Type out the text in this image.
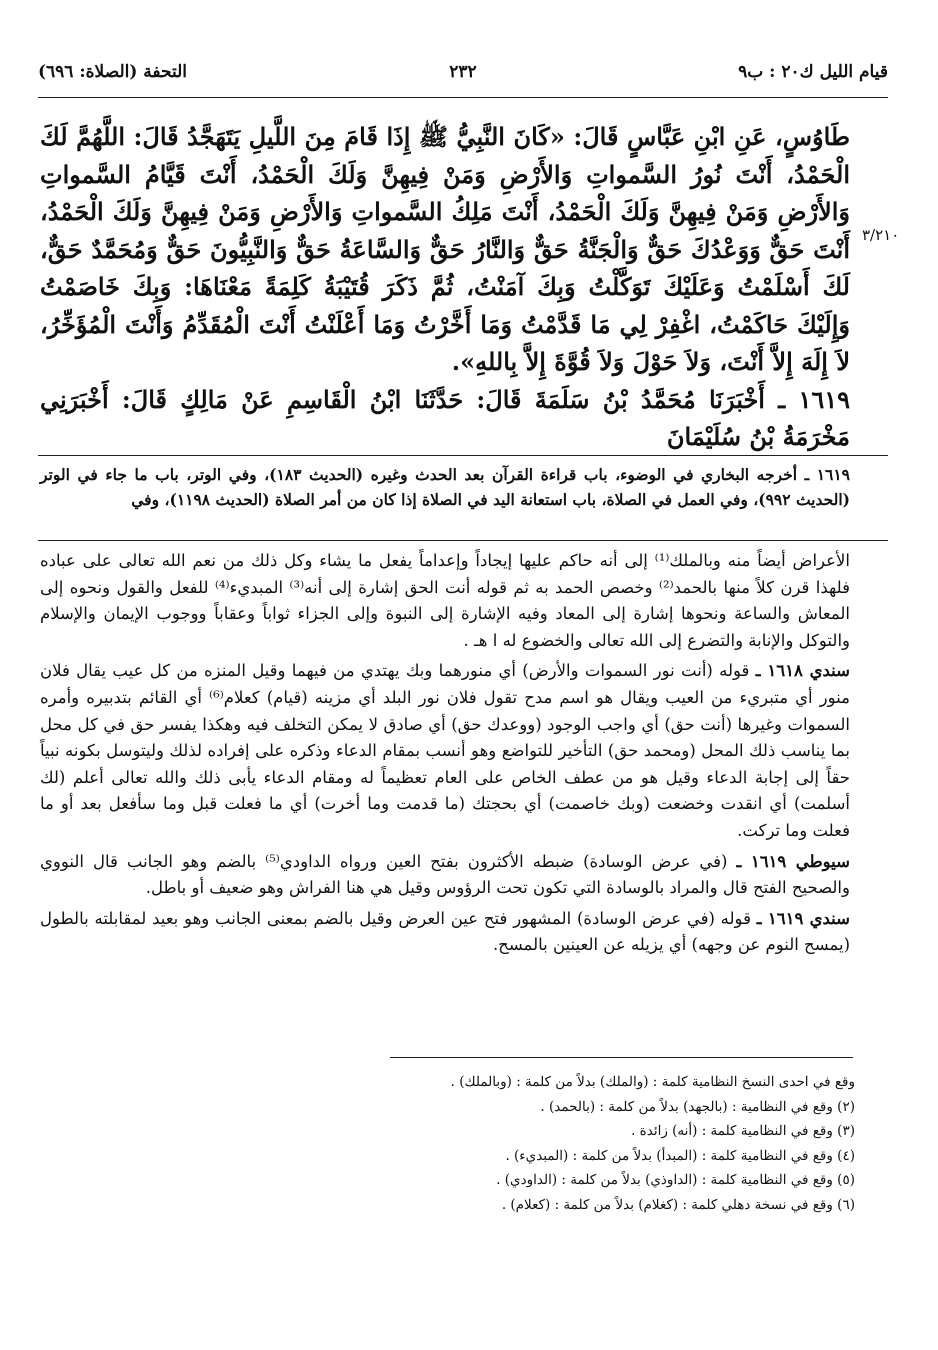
قيام الليل ك٢٠ : ب٩
٢٣٢
التحفة (الصلاة: ٦٩٦)
٣/٢١٠
طَاوُسٍ، عَنِ ابْنِ عَبَّاسٍ قَالَ: «كَانَ النَّبِيُّ ﷺ إِذَا قَامَ مِنَ اللَّيلِ يَتَهَجَّدُ قَالَ: اللَّهُمَّ لَكَ الْحَمْدُ، أَنْتَ نُورُ السَّمواتِ وَالأَرْضِ وَمَنْ فِيهِنَّ وَلَكَ الْحَمْدُ، أَنْتَ قَيَّامُ السَّمواتِ وَالأَرْضِ وَمَنْ فِيهِنَّ وَلَكَ الْحَمْدُ، أَنْتَ مَلِكُ السَّمواتِ وَالأَرْضِ وَمَنْ فِيهِنَّ وَلَكَ الْحَمْدُ، أَنْتَ حَقٌّ وَوَعْدُكَ حَقٌّ وَالْجَنَّةُ حَقٌّ وَالنَّارُ حَقٌّ وَالسَّاعَةُ حَقٌّ وَالنَّبِيُّونَ حَقٌّ وَمُحَمَّدٌ حَقٌّ، لَكَ أَسْلَمْتُ وَعَلَيْكَ تَوَكَّلْتُ وَبِكَ آمَنْتُ، ثُمَّ ذَكَرَ قُتَيْبَةُ كَلِمَةً مَعْنَاهَا: وَبِكَ خَاصَمْتُ وَإِلَيْكَ حَاكَمْتُ، اغْفِرْ لِي مَا قَدَّمْتُ وَمَا أَخَّرْتُ وَمَا أَعْلَنْتُ أَنْتَ الْمُقَدِّمُ وَأَنْتَ الْمُؤَخِّرُ، لاَ إِلَهَ إِلاَّ أَنْتَ، وَلاَ حَوْلَ وَلاَ قُوَّةَ إِلاَّ بِاللهِ».
١٦١٩ ـ أَخْبَرَنَا مُحَمَّدُ بْنُ سَلَمَةَ قَالَ: حَدَّثَنَا ابْنُ الْقَاسِمِ عَنْ مَالِكٍ قَالَ: أَخْبَرَنِي مَخْرَمَةُ بْنُ سُلَيْمَانَ
١٦١٩ ـ أخرجه البخاري في الوضوء، باب قراءة القرآن بعد الحدث وغيره (الحديث ١٨٣)، وفي الوتر، باب ما جاء في الوتر (الحديث ٩٩٢)، وفي العمل في الصلاة، باب استعانة اليد في الصلاة إذا كان من أمر الصلاة (الحديث ١١٩٨)، وفي

الأعراض أيضاً منه وبالملك⁽¹⁾ إلى أنه حاكم عليها إيجاداً وإعداماً يفعل ما يشاء وكل ذلك من نعم الله تعالى على عباده فلهذا قرن كلاً منها بالحمد⁽²⁾ وخصص الحمد به ثم قوله أنت الحق إشارة إلى أنه⁽³⁾ المبديء⁽⁴⁾ للفعل والقول ونحوه إلى المعاش والساعة ونحوها إشارة إلى المعاد وفيه الإشارة إلى النبوة وإلى الجزاء ثواباً وعقاباً ووجوب الإيمان والإسلام والتوكل والإنابة والتضرع إلى الله تعالى والخضوع له ا هـ .

سندي ١٦١٨ ـ قوله (أنت نور السموات والأرض) أي منورهما وبك يهتدي من فيهما وقيل المنزه من كل عيب يقال فلان منور أي متبريء من العيب ويقال هو اسم مدح تقول فلان نور البلد أي مزينه (قيام) كعلام⁽⁶⁾ أي القائم بتدبيره وأمره السموات وغيرها (أنت حق) أي واجب الوجود (ووعدك حق) أي صادق لا يمكن التخلف فيه وهكذا يفسر حق في كل محل بما يناسب ذلك المحل (ومحمد حق) التأخير للتواضع وهو أنسب بمقام الدعاء وذكره على إفراده لذلك وليتوسل بكونه نبياً حقاً إلى إجابة الدعاء وقيل هو من عطف الخاص على العام تعظيماً له ومقام الدعاء يأبى ذلك والله تعالى أعلم (لك أسلمت) أي انقدت وخضعت (وبك خاصمت) أي بحجتك (ما قدمت وما أخرت) أي ما فعلت قبل وما سأفعل بعد أو ما فعلت وما تركت.

سيوطي ١٦١٩ ـ (في عرض الوسادة) ضبطه الأكثرون بفتح العين ورواه الداودي⁽⁵⁾ بالضم وهو الجانب قال النووي والصحيح الفتح قال والمراد بالوسادة التي تكون تحت الرؤوس وقيل هي هنا الفراش وهو ضعيف أو باطل.

سندي ١٦١٩ ـ قوله (في عرض الوسادة) المشهور فتح عين العرض وقيل بالضم بمعنى الجانب وهو بعيد لمقابلته بالطول (يمسح النوم عن وجهه) أي يزيله عن العينين بالمسح.

وقع في احدى النسخ النظامية كلمة : (والملك) بدلاً من كلمة : (وبالملك) .
(٢) وقع في النظامية : (بالجهد) بدلاً من كلمة : (بالحمد) .
(٣) وقع في النظامية كلمة : (أنه) زائدة .
(٤) وقع في النظامية كلمة : (المبدأ) بدلاً من كلمة : (المبديء) .
(٥) وقع في النظامية كلمة : (الداوذي) بدلاً من كلمة : (الداودي) .
(٦) وقع في نسخة دهلي كلمة : (كغلام) بدلاً من كلمة : (كعلام) .
